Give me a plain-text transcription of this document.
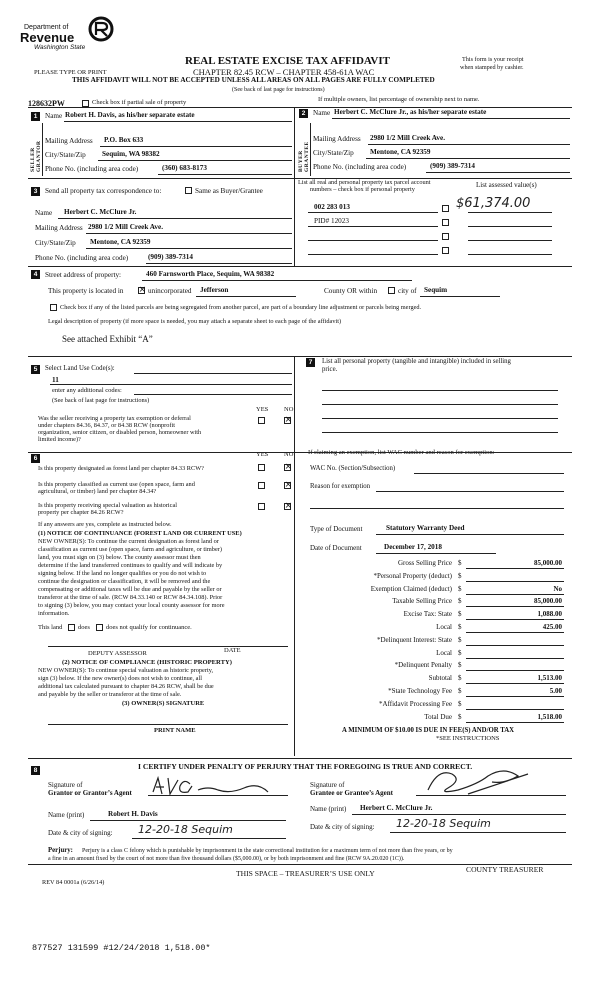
Department of
Revenue
Washington State
REAL ESTATE EXCISE TAX AFFIDAVIT
CHAPTER 82.45 RCW – CHAPTER 458-61A WAC
THIS AFFIDAVIT WILL NOT BE ACCEPTED UNLESS ALL AREAS ON ALL PAGES ARE FULLY COMPLETED
(See back of last page for instructions)
PLEASE TYPE OR PRINT
This form is your receipt
when stamped by cashier.
128632PW	Check box if partial sale of property	If multiple owners, list percentage of ownership next to name.
1
SELLER GRANTOR
Name Robert H. Davis, as his/her separate estate
Mailing Address P.O. Box 633
City/State/Zip Sequim, WA 98382
Phone No. (including area code)	(360) 683-8173
2
BUYER GRANTEE
Name Herbert C. McClure Jr., as his/her separate estate
Mailing Address 2980 1/2 Mill Creek Ave.
City/State/Zip Mentone, CA 92359
Phone No. (including area code)	(909) 389-7314
3	Send all property tax correspondence to:	Same as Buyer/Grantee
Name Herbert C. McClure Jr.
Mailing Address 2980 1/2 Mill Creek Ave.
City/State/Zip Mentone, CA 92359
Phone No. (including area code)	(909) 389-7314
List all real and personal property tax parcel account
numbers – check box if personal property
List assessed value(s)
002 283 013	$61,374.00
PID# 12023
4	Street address of property:	460 Farnsworth Place, Sequim, WA 98382
This property is located in
×	unincorporated Jefferson	County OR within	city of Sequim
Check box if any of the listed parcels are being segregated from another parcel, are part of a boundary line adjustment or parcels being merged.
Legal description of property (if more space is needed, you may attach a separate sheet to each page of the affidavit)
See attached Exhibit “A”
5	Select Land Use Code(s):
11
enter any additional codes:
(See back of last page for instructions)
YES NO
Was the seller receiving a property tax exemption or deferral
under chapters 84.36, 84.37, or 84.38 RCW (nonprofit
organization, senior citizen, or disabled person, homeowner with
limited income)?
×
6
YES NO
Is this property designated as forest land per chapter 84.33 RCW?
×
Is this property classified as current use (open space, farm and
agricultural, or timber) land per chapter 84.34?
×
Is this property receiving special valuation as historical
property per chapter 84.26 RCW?
×
If any answers are yes, complete as instructed below.
(1) NOTICE OF CONTINUANCE (FOREST LAND OR CURRENT USE)
NEW OWNER(S): To continue the current designation as forest land or
classification as current use (open space, farm and agriculture, or timber)
land, you must sign on (3) below. The county assessor must then
determine if the land transferred continues to qualify and will indicate by
signing below. If the land no longer qualifies or you do not wish to
continue the designation or classification, it will be removed and the
compensating or additional taxes will be due and payable by the seller or
transferor at the time of sale. (RCW 84.33.140 or RCW 84.34.108). Prior
to signing (3) below, you may contact your local county assessor for more
information.
This land does does not qualify for continuance.
DEPUTY ASSESSOR	DATE
(2) NOTICE OF COMPLIANCE (HISTORIC PROPERTY)
NEW OWNER(S): To continue special valuation as historic property,
sign (3) below. If the new owner(s) does not wish to continue, all
additional tax calculated pursuant to chapter 84.26 RCW, shall be due
and payable by the seller or transferor at the time of sale.
(3) OWNER(S) SIGNATURE
PRINT NAME
7	List all personal property (tangible and intangible) included in selling
price.
If claiming an exemption, list WAC number and reason for exemption:
WAC No. (Section/Subsection)
Reason for exemption
Type of Document	Statutory Warranty Deed
Date of Document	December 17, 2018
Gross Selling Price $	85,000.00
*Personal Property (deduct) $
Exemption Claimed (deduct) $	No
Taxable Selling Price $	85,000.00
Excise Tax: State $	1,088.00
Local $	425.00
*Delinquent Interest: State $
Local $
*Delinquent Penalty $
Subtotal $	1,513.00
*State Technology Fee $	5.00
*Affidavit Processing Fee $
Total Due $	1,518.00
A MINIMUM OF $10.00 IS DUE IN FEE(S) AND/OR TAX
*SEE INSTRUCTIONS
8	I CERTIFY UNDER PENALTY OF PERJURY THAT THE FOREGOING IS TRUE AND CORRECT.
Signature of
Grantor or Grantor’s Agent
Signature of
Grantee or Grantee’s Agent
Name (print)	Robert H. Davis
Name (print) Herbert C. McClure Jr.
Date & city of signing: 12-20-18 Sequim	Date & city of signing: 12-20-18 Sequim
Perjury: Perjury is a class C felony which is punishable by imprisonment in the state correctional institution for a maximum term of not more than five years, or by
a fine in an amount fixed by the court of not more than five thousand dollars ($5,000.00), or by both imprisonment and fine (RCW 9A.20.020 (1C)).
REV 84 0001a (6/26/14)
THIS SPACE – TREASURER’S USE ONLY	COUNTY TREASURER
877527 131599 #12/24/2018 1,518.00*
